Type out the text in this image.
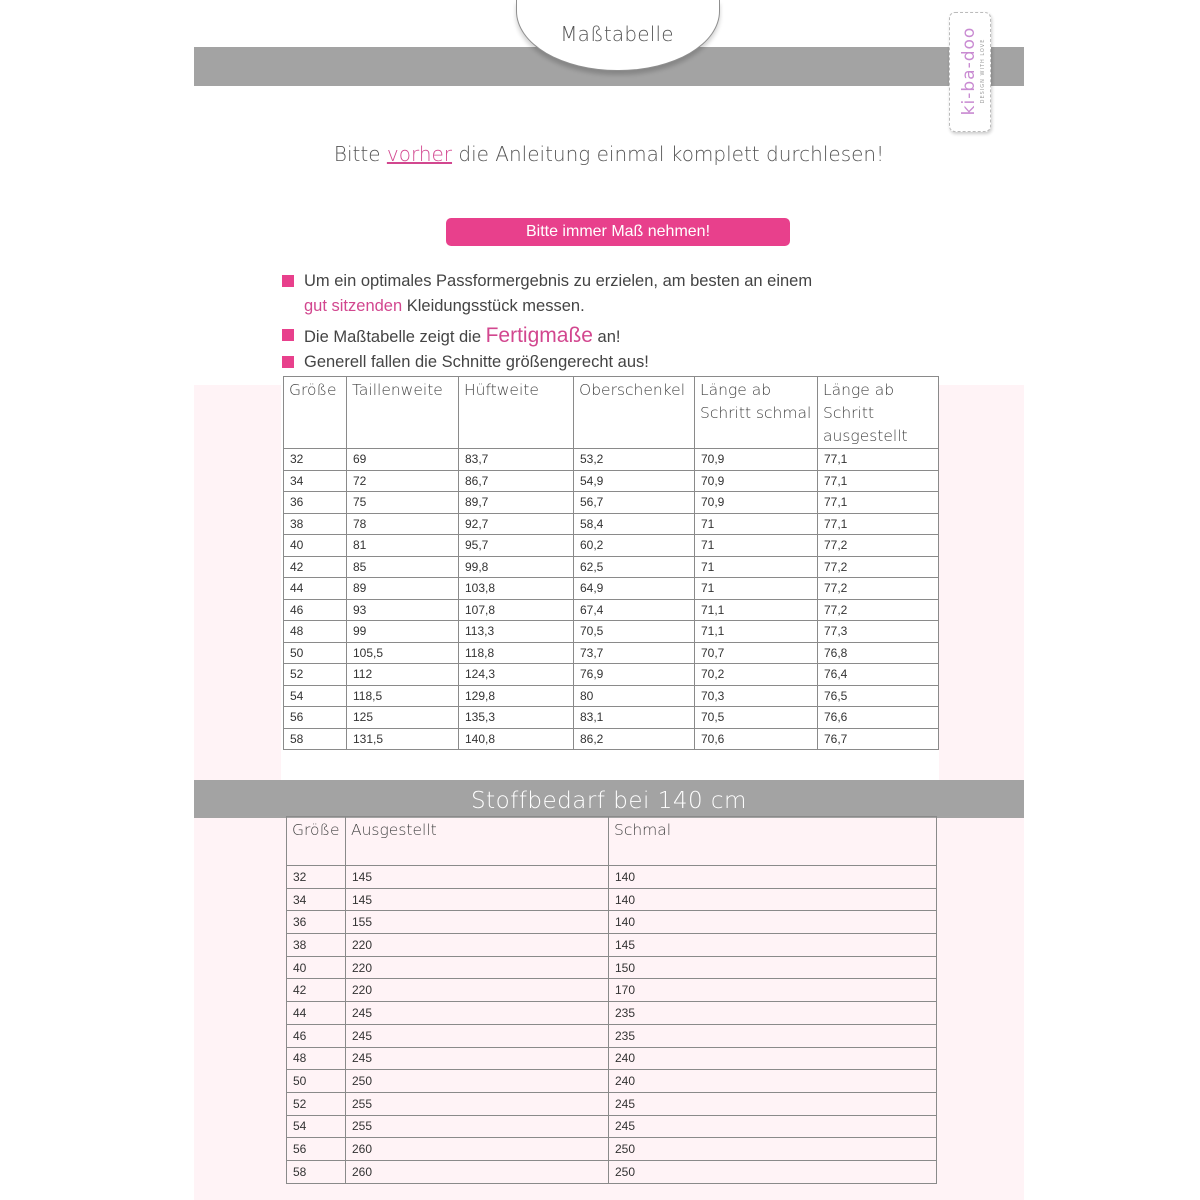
Maßtabelle	ki-ba-doo DESIGN WITH LOVE
Bitte vorher die Anleitung einmal komplett durchlesen!
Bitte immer Maß nehmen!
Um ein optimales Passformergebnis zu erzielen, am besten an einem
gut sitzenden Kleidungsstück messen.
Die Maßtabelle zeigt die Fertigmaße an!
Generell fallen die Schnitte größengerecht aus!
Größe	Taillenweite	Hüftweite	Oberschenkel	Länge ab Schritt schmal	Länge ab Schritt ausgestellt
32	69	83,7	53,2	70,9	77,1
34	72	86,7	54,9	70,9	77,1
36	75	89,7	56,7	70,9	77,1
38	78	92,7	58,4	71	77,1
40	81	95,7	60,2	71	77,2
42	85	99,8	62,5	71	77,2
44	89	103,8	64,9	71	77,2
46	93	107,8	67,4	71,1	77,2
48	99	113,3	70,5	71,1	77,3
50	105,5	118,8	73,7	70,7	76,8
52	112	124,3	76,9	70,2	76,4
54	118,5	129,8	80	70,3	76,5
56	125	135,3	83,1	70,5	76,6
58	131,5	140,8	86,2	70,6	76,7
Stoffbedarf bei 140 cm
Größe	Ausgestellt	Schmal
32	145	140
34	145	140
36	155	140
38	220	145
40	220	150
42	220	170
44	245	235
46	245	235
48	245	240
50	250	240
52	255	245
54	255	245
56	260	250
58	260	250
